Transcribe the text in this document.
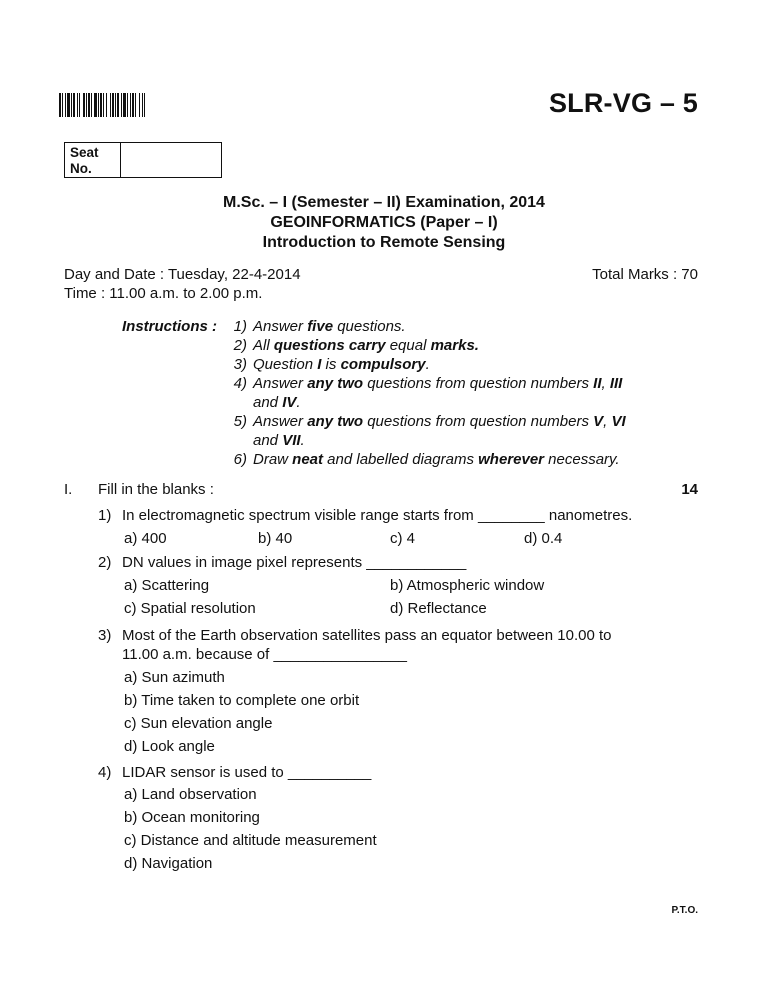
SLR-VG – 5
Seat
No.
M.Sc. – I (Semester – II) Examination, 2014
GEOINFORMATICS (Paper – I)
Introduction to Remote Sensing
Day and Date : Tuesday, 22-4-2014
Time : 11.00 a.m. to 2.00 p.m.
Total Marks : 70
Instructions :	1) Answer five questions.
2) All questions carry equal marks.
3) Question I is compulsory.
4) Answer any two questions from question numbers II, III
and IV.
5) Answer any two questions from question numbers V, VI
and VII.
6) Draw neat and labelled diagrams wherever necessary.
I. Fill in the blanks :	14
1) In electromagnetic spectrum visible range starts from ________ nanometres.
a) 400	b) 40	c) 4	d) 0.4
2) DN values in image pixel represents ____________
a) Scattering	b) Atmospheric window
c) Spatial resolution	d) Reflectance
3) Most of the Earth observation satellites pass an equator between 10.00 to
11.00 a.m. because of ________________
a) Sun azimuth
b) Time taken to complete one orbit
c) Sun elevation angle
d) Look angle
4) LIDAR sensor is used to __________
a) Land observation
b) Ocean monitoring
c) Distance and altitude measurement
d) Navigation
P.T.O.
